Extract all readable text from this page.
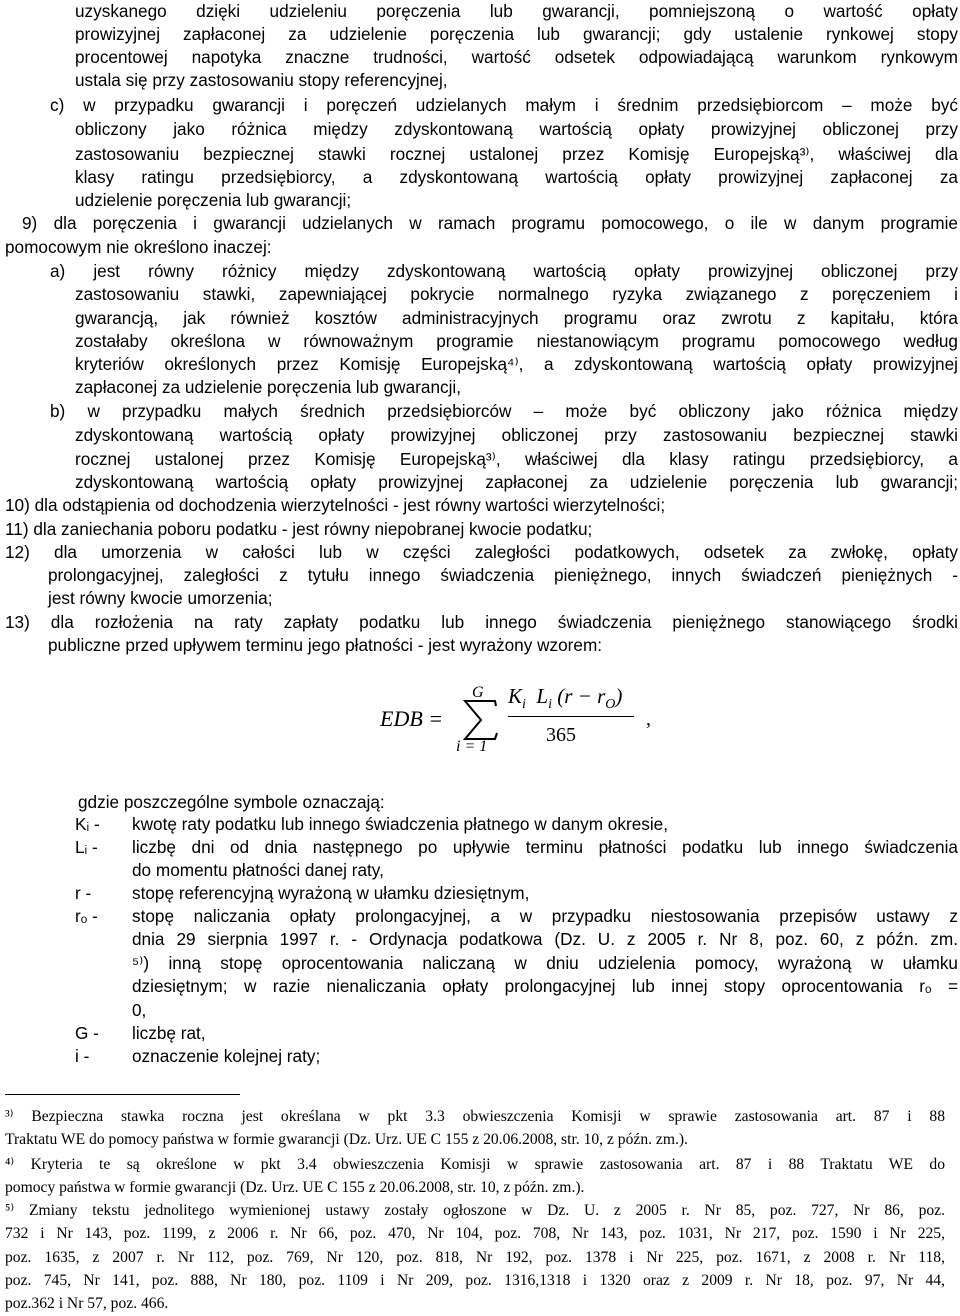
EDB =
G
i = 1
$K_i$ $L_i$ $(r - r_O)$
365
,
uzyskanego dzięki udzieleniu poręczenia lub gwarancji, pomniejszoną o wartość opłaty
prowizyjnej zapłaconej za udzielenie poręczenia lub gwarancji; gdy ustalenie rynkowej stopy
procentowej napotyka znaczne trudności, wartość odsetek odpowiadającą warunkom rynkowym
ustala się przy zastosowaniu stopy referencyjnej,
c) w przypadku gwarancji i poręczeń udzielanych małym i średnim przedsiębiorcom – może być
obliczony jako różnica między zdyskontowaną wartością opłaty prowizyjnej obliczonej przy
zastosowaniu bezpiecznej stawki rocznej ustalonej przez Komisję Europejską³⁾, właściwej dla
klasy ratingu przedsiębiorcy, a zdyskontowaną wartością opłaty prowizyjnej zapłaconej za
udzielenie poręczenia lub gwarancji;
9) dla poręczenia i gwarancji udzielanych w ramach programu pomocowego, o ile w danym programie
pomocowym nie określono inaczej:
a) jest równy różnicy między zdyskontowaną wartością opłaty prowizyjnej obliczonej przy
zastosowaniu stawki, zapewniającej pokrycie normalnego ryzyka związanego z poręczeniem i
gwarancją, jak również kosztów administracyjnych programu oraz zwrotu z kapitału, która
zostałaby określona w równoważnym programie niestanowiącym programu pomocowego według
kryteriów określonych przez Komisję Europejską⁴⁾, a zdyskontowaną wartością opłaty prowizyjnej
zapłaconej za udzielenie poręczenia lub gwarancji,
b) w przypadku małych średnich przedsiębiorców – może być obliczony jako różnica między
zdyskontowaną wartością opłaty prowizyjnej obliczonej przy zastosowaniu bezpiecznej stawki
rocznej ustalonej przez Komisję Europejską³⁾, właściwej dla klasy ratingu przedsiębiorcy, a
zdyskontowaną wartością opłaty prowizyjnej zapłaconej za udzielenie poręczenia lub gwarancji;
10) dla odstąpienia od dochodzenia wierzytelności - jest równy wartości wierzytelności;
11) dla zaniechania poboru podatku - jest równy niepobranej kwocie podatku;
12) dla umorzenia w całości lub w części zaległości podatkowych, odsetek za zwłokę, opłaty
prolongacyjnej, zaległości z tytułu innego świadczenia pieniężnego, innych świadczeń pieniężnych -
jest równy kwocie umorzenia;
13) dla rozłożenia na raty zapłaty podatku lub innego świadczenia pieniężnego stanowiącego środki
publiczne przed upływem terminu jego płatności - jest wyrażony wzorem:
gdzie poszczególne symbole oznaczają:
Kᵢ - kwotę raty podatku lub innego świadczenia płatnego w danym okresie,
Lᵢ - liczbę dni od dnia następnego po upływie terminu płatności podatku lub innego świadczenia
do momentu płatności danej raty,
r - stopę referencyjną wyrażoną w ułamku dziesiętnym,
rₒ - stopę naliczania opłaty prolongacyjnej, a w przypadku niestosowania przepisów ustawy z
dnia 29 sierpnia 1997 r. - Ordynacja podatkowa (Dz. U. z 2005 r. Nr 8, poz. 60, z późn. zm.
⁵⁾) inną stopę oprocentowania naliczaną w dniu udzielenia pomocy, wyrażoną w ułamku
dziesiętnym; w razie nienaliczania opłaty prolongacyjnej lub innej stopy oprocentowania rₒ =
0,
G - liczbę rat,
i - oznaczenie kolejnej raty;
³⁾ Bezpieczna stawka roczna jest określana w pkt 3.3 obwieszczenia Komisji w sprawie zastosowania art. 87 i 88
Traktatu WE do pomocy państwa w formie gwarancji (Dz. Urz. UE C 155 z 20.06.2008, str. 10, z późn. zm.).
⁴⁾ Kryteria te są określone w pkt 3.4 obwieszczenia Komisji w sprawie zastosowania art. 87 i 88 Traktatu WE do
pomocy państwa w formie gwarancji (Dz. Urz. UE C 155 z 20.06.2008, str. 10, z późn. zm.).
⁵⁾ Zmiany tekstu jednolitego wymienionej ustawy zostały ogłoszone w Dz. U. z 2005 r. Nr 85, poz. 727, Nr 86, poz.
732 i Nr 143, poz. 1199, z 2006 r. Nr 66, poz. 470, Nr 104, poz. 708, Nr 143, poz. 1031, Nr 217, poz. 1590 i Nr 225,
poz. 1635, z 2007 r. Nr 112, poz. 769, Nr 120, poz. 818, Nr 192, poz. 1378 i Nr 225, poz. 1671, z 2008 r. Nr 118,
poz. 745, Nr 141, poz. 888, Nr 180, poz. 1109 i Nr 209, poz. 1316,1318 i 1320 oraz z 2009 r. Nr 18, poz. 97, Nr 44,
poz.362 i Nr 57, poz. 466.
